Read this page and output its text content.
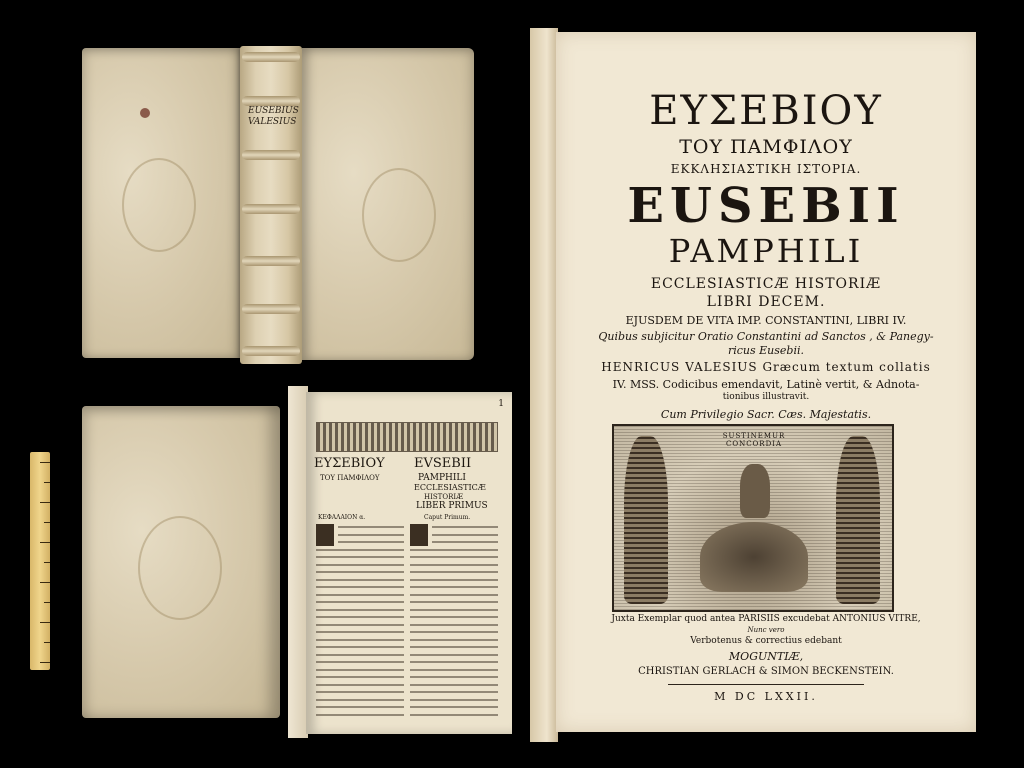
EUSEBIUS
VALESIUS
1
ΕΥΣΕΒΙΟΥ
ΤΟΥ ΠΑΜΦΙΛΟΥ
EVSEBII
PAMPHILI
ECCLESIASTICÆ
HISTORIÆ
LIBER PRIMUS
ΚΕΦΑΛΑΙΟΝ α.	Caput Primum.
ΕΥΣΕΒΙΟΥ
ΤΟΥ ΠΑΜΦΙΛΟΥ
ΕΚΚΛΗΣΙΑΣΤΙΚΗ ΙΣΤΟΡΙΑ.
EUSEBII
PAMPHILI
ECCLESIASTICÆ HISTORIÆ
LIBRI DECEM.
EJUSDEM DE VITA IMP. CONSTANTINI, LIBRI IV.
Quibus subjicitur Oratio Constantini ad Sanctos , & Panegy-
ricus Eusebii.
HENRICUS VALESIUS Græcum textum collatis
IV. MSS. Codicibus emendavit, Latinè vertit, & Adnota-
tionibus illustravit.
Cum Privilegio Sacr. Cæs. Majestatis.
SUSTINEMUR CONCORDIA
Juxta Exemplar quod antea PARISIIS excudebat ANTONIUS VITRE,
Nunc vero
Verbotenus & correctius edebant
MOGUNTIÆ,
CHRISTIAN GERLACH & SIMON BECKENSTEIN.
M DC LXXII.
